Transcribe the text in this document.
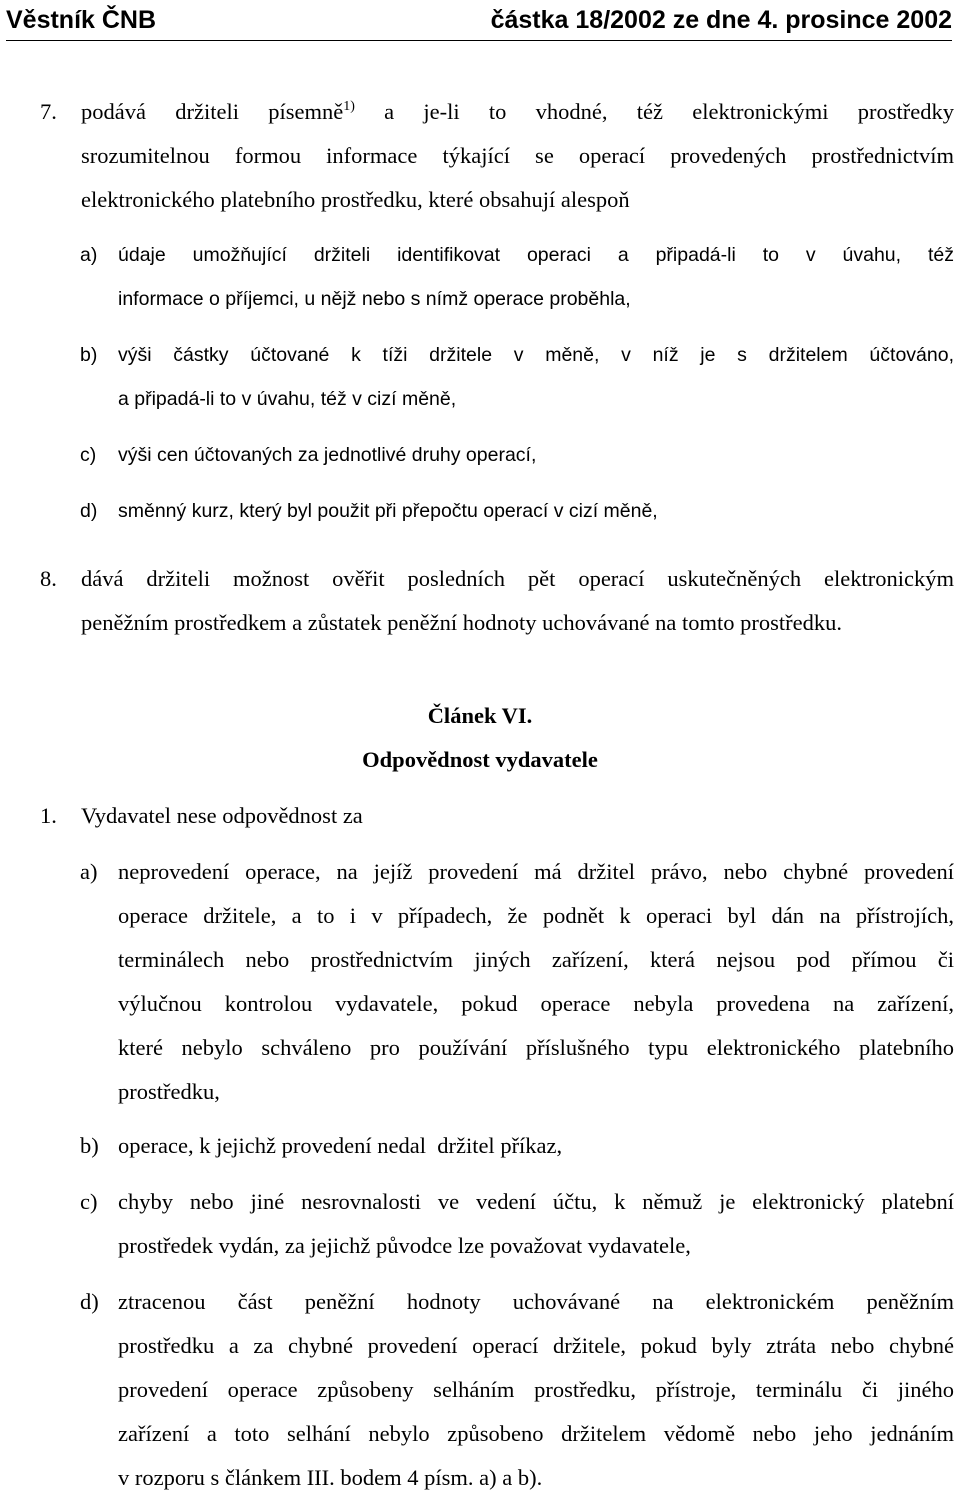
Věstník ČNB	částka 18/2002 ze dne 4. prosince 2002
7. podává držiteli písemně$^{1)}$ a je-li to vhodné, též elektronickými prostředky
srozumitelnou formou informace týkající se operací provedených prostřednictvím
elektronického platebního prostředku, které obsahují alespoň
a) údaje umožňující držiteli identifikovat operaci a připadá-li to v úvahu, též
informace o příjemci, u nějž nebo s nímž operace proběhla,
b) výši částky účtované k tíži držitele v měně, v níž je s držitelem účtováno,
a připadá-li to v úvahu, též v cizí měně,
c) výši cen účtovaných za jednotlivé druhy operací,
d) směnný kurz, který byl použit při přepočtu operací v cizí měně,
8. dává držiteli možnost ověřit posledních pět operací uskutečněných elektronickým
peněžním prostředkem a zůstatek peněžní hodnoty uchovávané na tomto prostředku.
Článek VI.
Odpovědnost vydavatele
1. Vydavatel nese odpovědnost za
a) neprovedení operace, na jejíž provedení má držitel právo, nebo chybné provedení
operace držitele, a to i v případech, že podnět k operaci byl dán na přístrojích,
terminálech nebo prostřednictvím jiných zařízení, která nejsou pod přímou či
výlučnou kontrolou vydavatele, pokud operace nebyla provedena na zařízení,
které nebylo schváleno pro používání příslušného typu elektronického platebního
prostředku,
b) operace, k jejichž provedení nedal  držitel příkaz,
c) chyby nebo jiné nesrovnalosti ve vedení účtu, k němuž je elektronický platební
prostředek vydán, za jejichž původce lze považovat vydavatele,
d) ztracenou část peněžní hodnoty uchovávané na elektronickém peněžním
prostředku a za chybné provedení operací držitele, pokud byly ztráta nebo chybné
provedení operace způsobeny selháním prostředku, přístroje, terminálu či jiného
zařízení a toto selhání nebylo způsobeno držitelem vědomě nebo jeho jednáním
v rozporu s článkem III. bodem 4 písm. a) a b).
